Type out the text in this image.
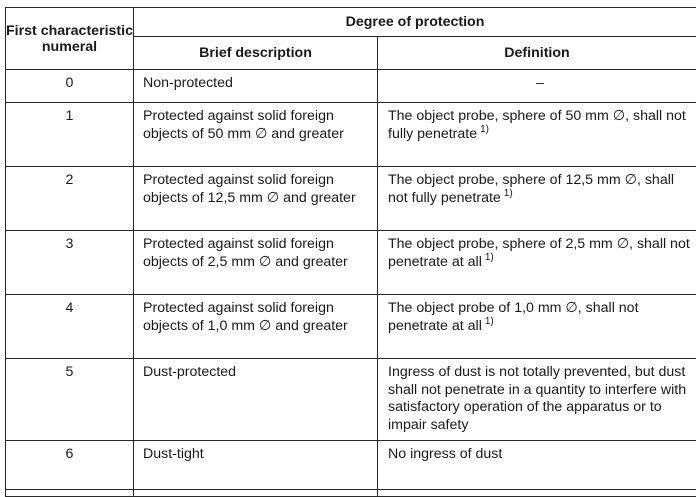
First characteristic numeral	Degree of protection	
	Brief description	Definition
0	Non-protected	–
1	Protected against solid foreign objects of 50 mm ∅ and greater	The object probe, sphere of 50 mm ∅, shall not fully penetrate $^{1)}$
2	Protected against solid foreign objects of 12,5 mm ∅ and greater	The object probe, sphere of 12,5 mm ∅, shall not fully penetrate $^{1)}$
3	Protected against solid foreign objects of 2,5 mm ∅ and greater	The object probe, sphere of 2,5 mm ∅, shall not penetrate at all $^{1)}$
4	Protected against solid foreign objects of 1,0 mm ∅ and greater	The object probe of 1,0 mm ∅, shall not penetrate at all $^{1)}$
5	Dust-protected	Ingress of dust is not totally prevented, but dust shall not penetrate in a quantity to interfere with satisfactory operation of the apparatus or to impair safety
6	Dust-tight	No ingress of dust
